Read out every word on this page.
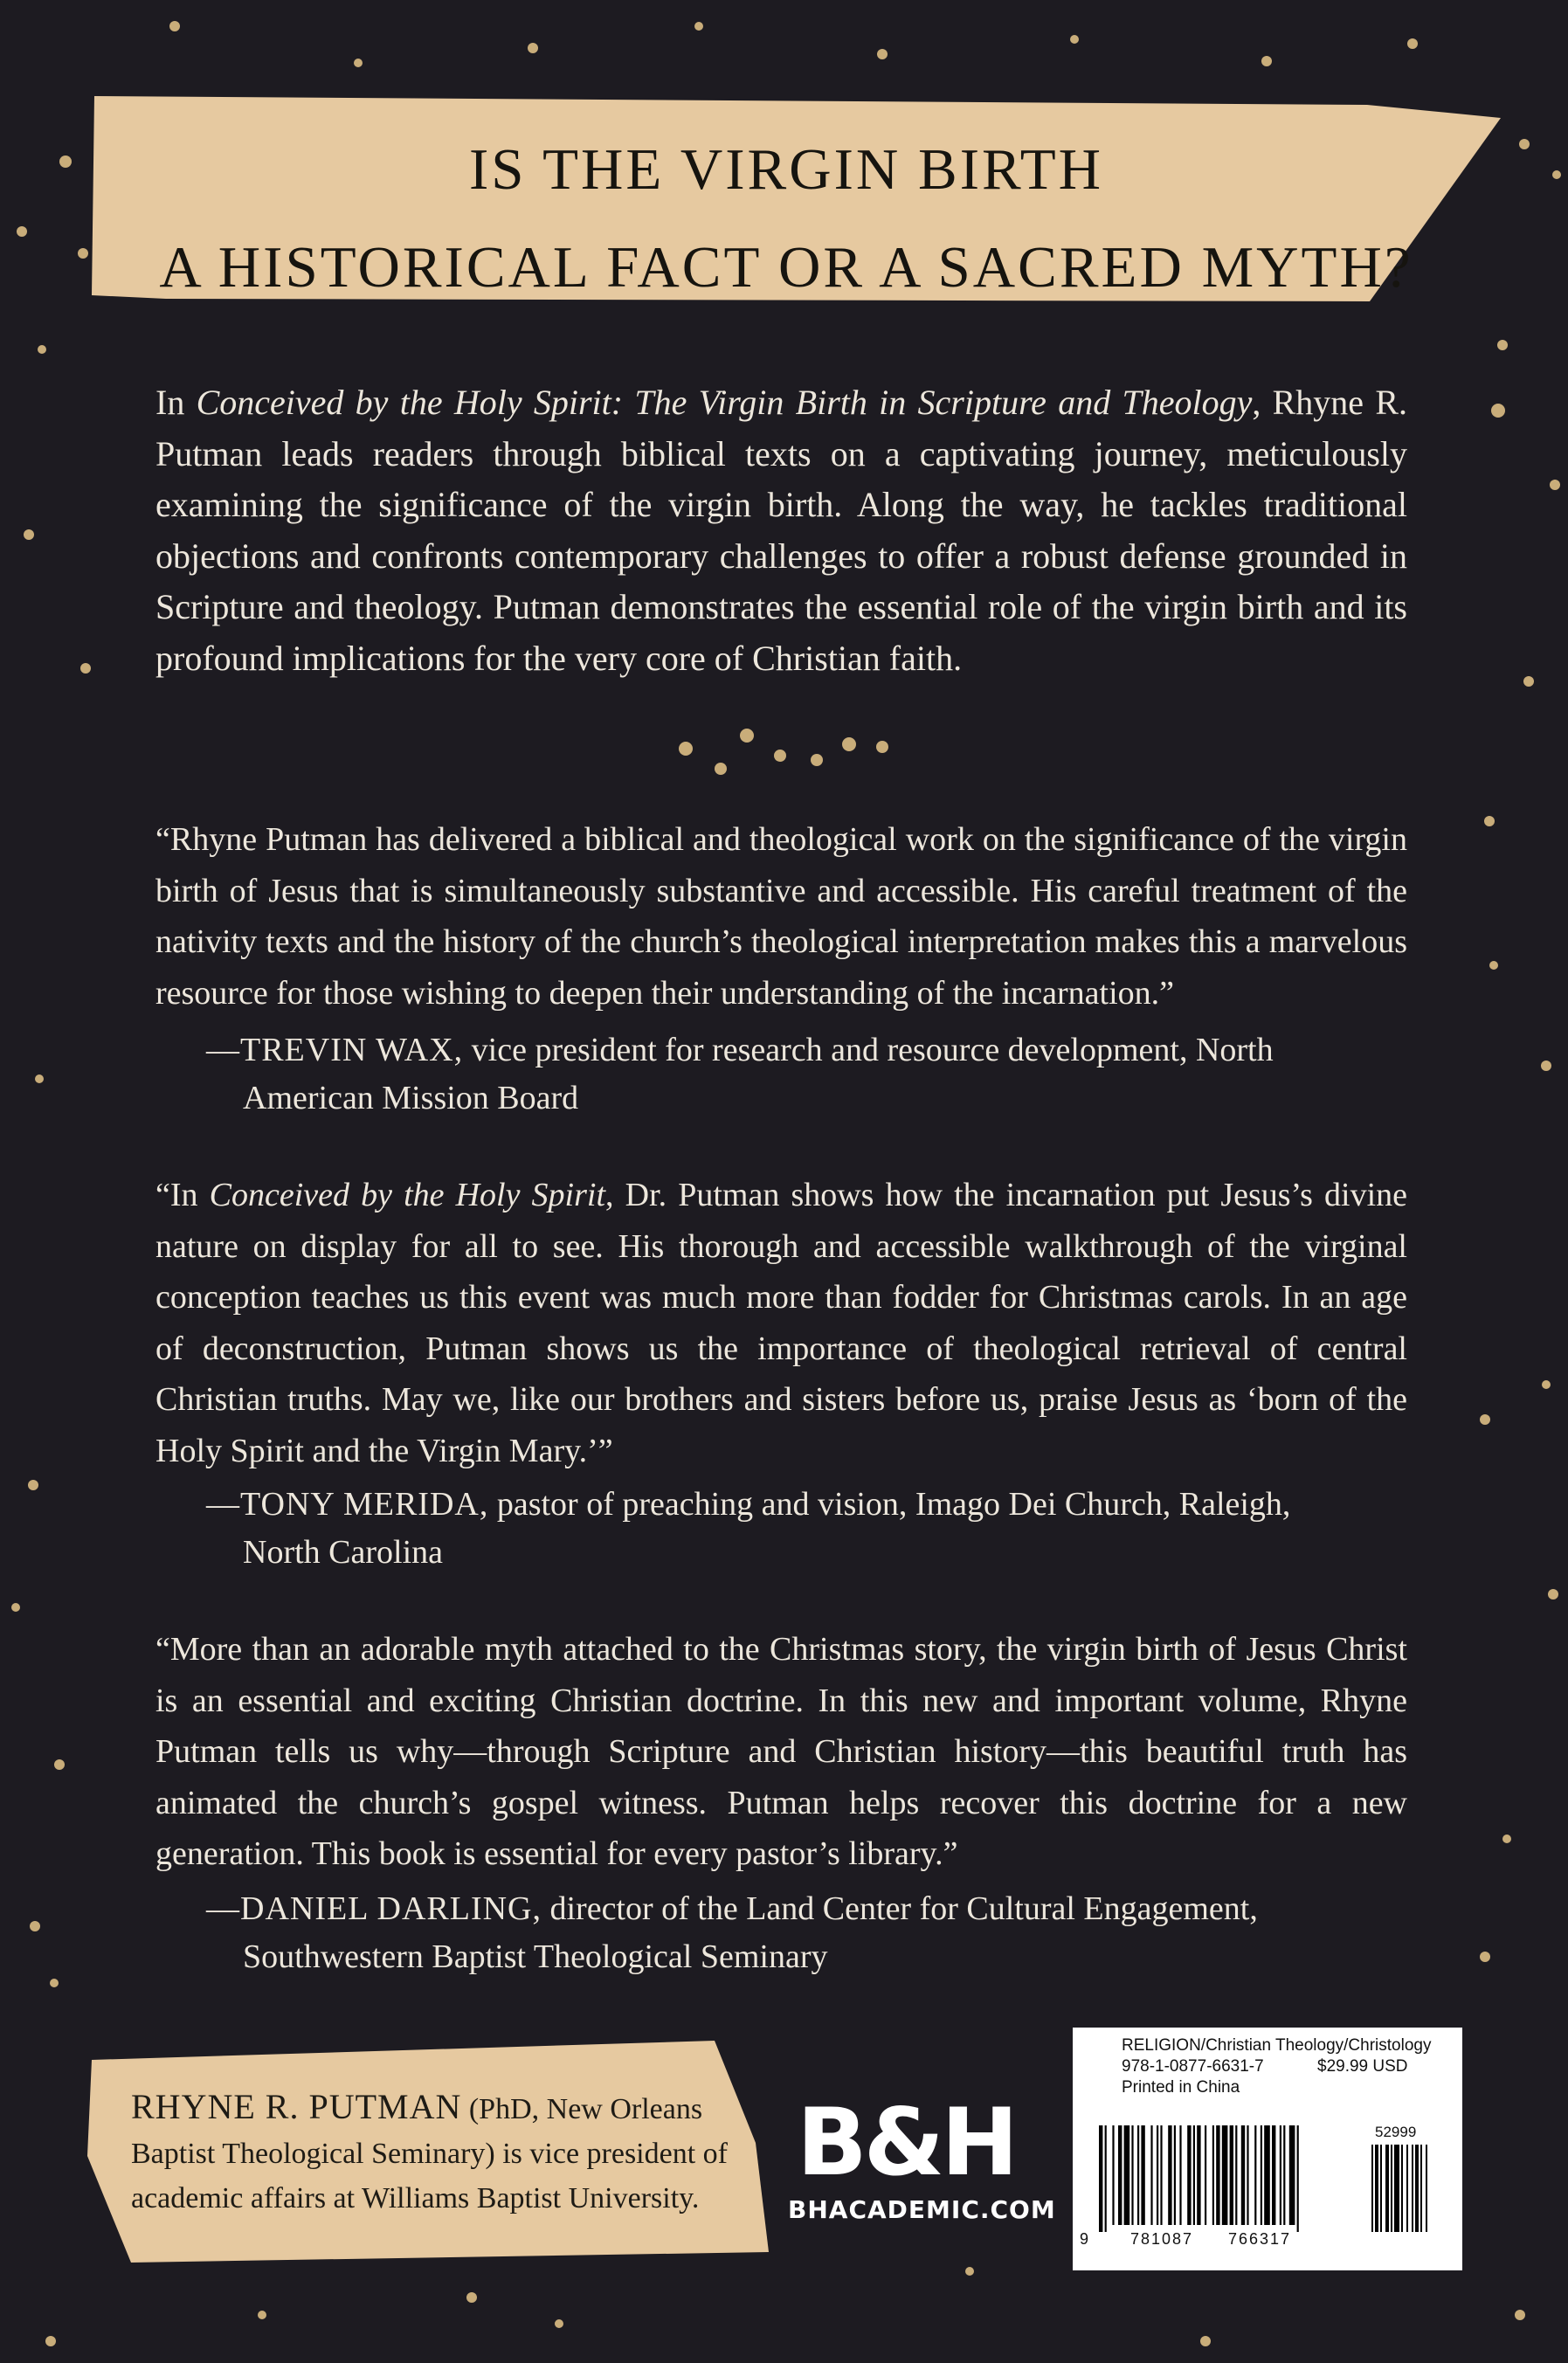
IS THE VIRGIN BIRTH
A HISTORICAL FACT OR A SACRED MYTH?
In Conceived by the Holy Spirit: The Virgin Birth in Scripture and Theology, Rhyne R. Putman leads readers through biblical texts on a captivating journey, meticulously examining the significance of the virgin birth. Along the way, he tackles traditional objections and confronts contemporary challenges to offer a robust defense grounded in Scripture and theology. Putman demonstrates the essential role of the virgin birth and its profound implications for the very core of Christian faith.
“Rhyne Putman has delivered a biblical and theological work on the significance of the virgin birth of Jesus that is simultaneously substantive and accessible. His careful treatment of the nativity texts and the history of the church’s theological interpretation makes this a marvelous resource for those wishing to deepen their understanding of the incarnation.”
—TREVIN WAX, vice president for research and resource development, North American Mission Board
“In Conceived by the Holy Spirit, Dr. Putman shows how the incarnation put Jesus’s divine nature on display for all to see. His thorough and accessible walkthrough of the virginal conception teaches us this event was much more than fodder for Christmas carols. In an age of deconstruction, Putman shows us the importance of theological retrieval of central Christian truths. May we, like our brothers and sisters before us, praise Jesus as ‘born of the Holy Spirit and the Virgin Mary.’”
—TONY MERIDA, pastor of preaching and vision, Imago Dei Church, Raleigh, North Carolina
“More than an adorable myth attached to the Christmas story, the virgin birth of Jesus Christ is an essential and exciting Christian doctrine. In this new and important volume, Rhyne Putman tells us why—through Scripture and Christian history—this beautiful truth has animated the church’s gospel witness. Putman helps recover this doctrine for a new generation. This book is essential for every pastor’s library.”
—DANIEL DARLING, director of the Land Center for Cultural Engagement, Southwestern Baptist Theological Seminary
RHYNE R. PUTMAN (PhD, New Orleans Baptist Theological Seminary) is vice president of academic affairs at Williams Baptist University.
B&H
BHACADEMIC.COM
RELIGION/Christian Theology/Christology
978-1-0877-6631-7	$29.99 USD
Printed in China
52999
9	781087 766317
